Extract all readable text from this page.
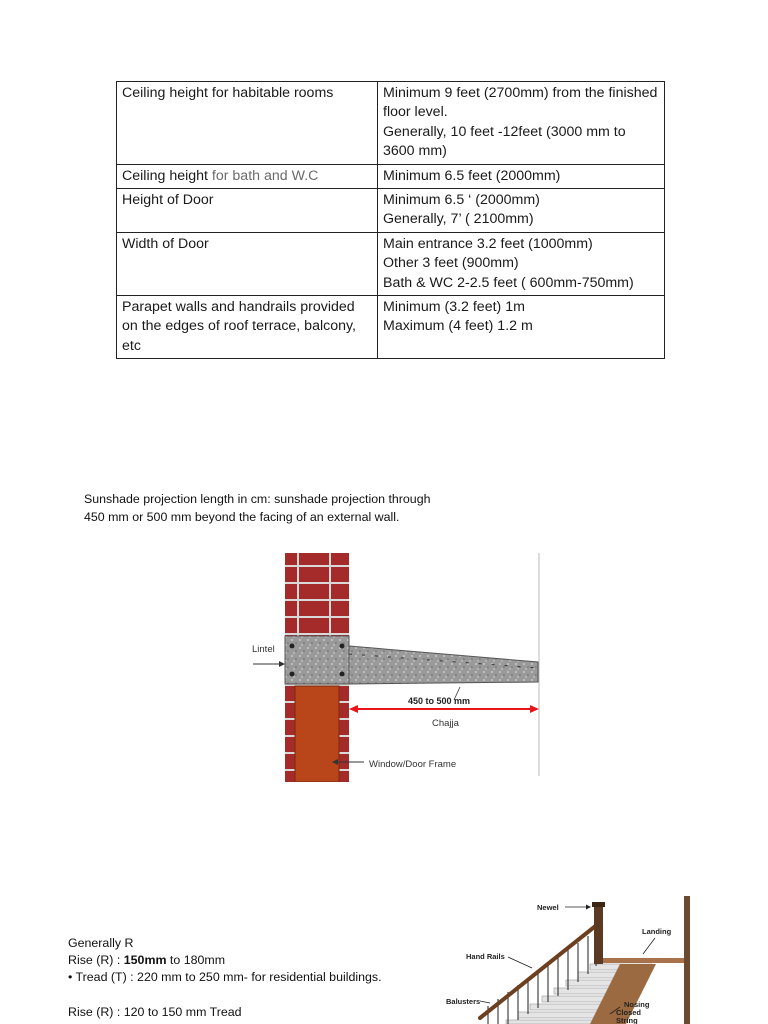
Ceiling height for habitable rooms	Minimum 9 feet (2700mm) from the finished floor level.
Generally, 10 feet -12feet (3000 mm to 3600 mm)

Ceiling height for bath and W.C	Minimum 6.5 feet (2000mm)

Height of Door	Minimum 6.5 ‘ (2000mm)
Generally, 7’ ( 2100mm)

Width of Door	Main entrance 3.2 feet (1000mm)
Other 3 feet (900mm)
Bath & WC 2-2.5 feet ( 600mm-750mm)

Parapet walls and handrails provided on the edges of roof terrace, balcony, etc	Minimum (3.2 feet) 1m
Maximum (4 feet) 1.2 m
Sunshade projection length in cm: sunshade projection through
450 mm or 500 mm beyond the facing of an external wall.
Lintel
450 to 500 mm
Chajja
Window/Door Frame
Generally R
Rise (R) : 150mm to 180mm
• Tread (T) : 220 mm to 250 mm- for residential buildings.
Rise (R) : 120 to 150 mm Tread
Newel
Landing
Hand Rails
Balusters	Nosing
Closed
String
